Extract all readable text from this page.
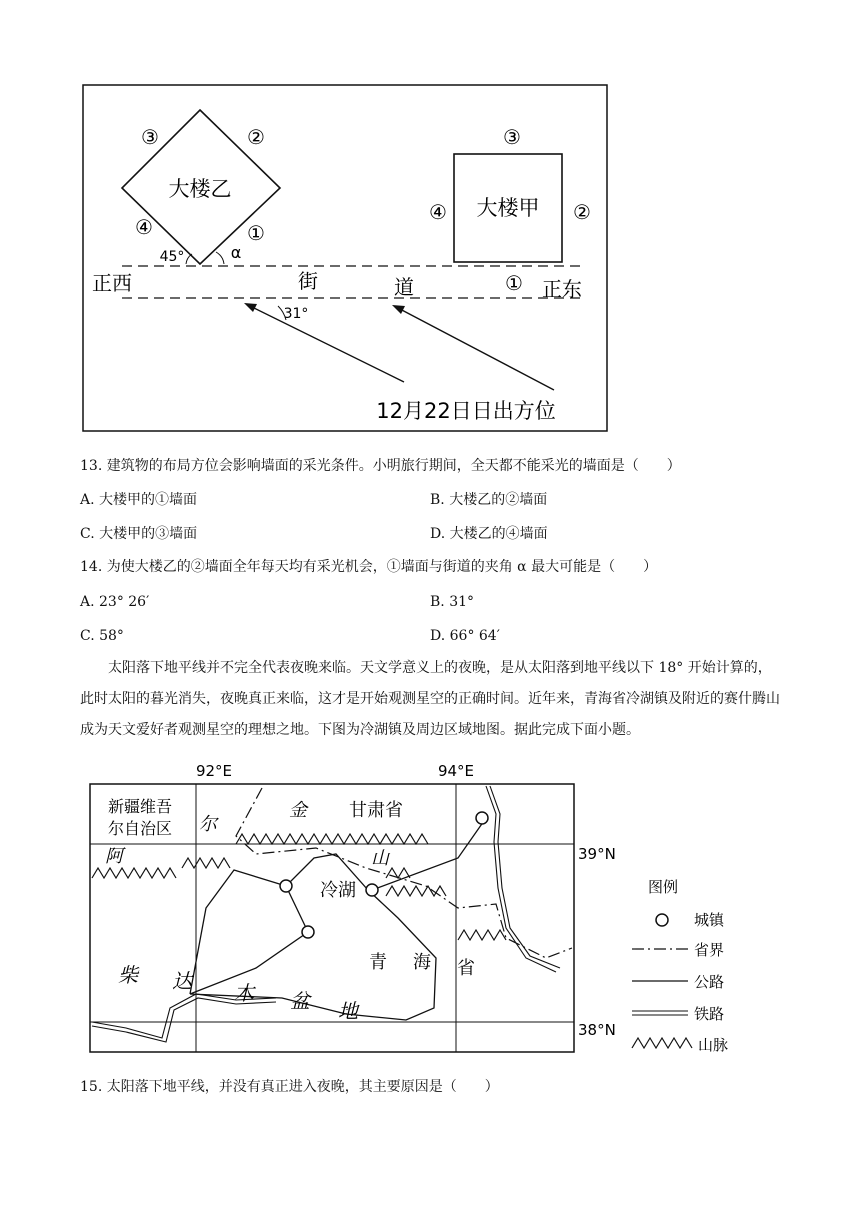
大楼乙
③	②
④	①
45°	α
大楼甲
③
④	②
正西	正东
街	道	①
31°
12月22日日出方位
13. 建筑物的布局方位会影响墙面的采光条件。小明旅行期间，全天都不能采光的墙面是（　　）
A. 大楼甲的①墙面	B. 大楼乙的②墙面
C. 大楼甲的③墙面	D. 大楼乙的④墙面
14. 为使大楼乙的②墙面全年每天均有采光机会，①墙面与街道的夹角 α 最大可能是（　　）
A. 23° 26′	B. 31°
C. 58°	D. 66° 64′
太阳落下地平线并不完全代表夜晚来临。天文学意义上的夜晚，是从太阳落到地平线以下 18° 开始计算的，此时太阳的暮光消失，夜晚真正来临，这才是开始观测星空的正确时间。近年来，青海省冷湖镇及附近的赛什腾山成为天文爱好者观测星空的理想之地。下图为冷湖镇及周边区域地图。据此完成下面小题。
92°E	94°E
39°N
38°N
新疆维吾
尔自治区
阿
尔
金
山
甘肃省
冷湖
青 海 省
柴 达 木 盆 地
图例
城镇
省界
公路
铁路
山脉
15. 太阳落下地平线，并没有真正进入夜晚，其主要原因是（　　）
